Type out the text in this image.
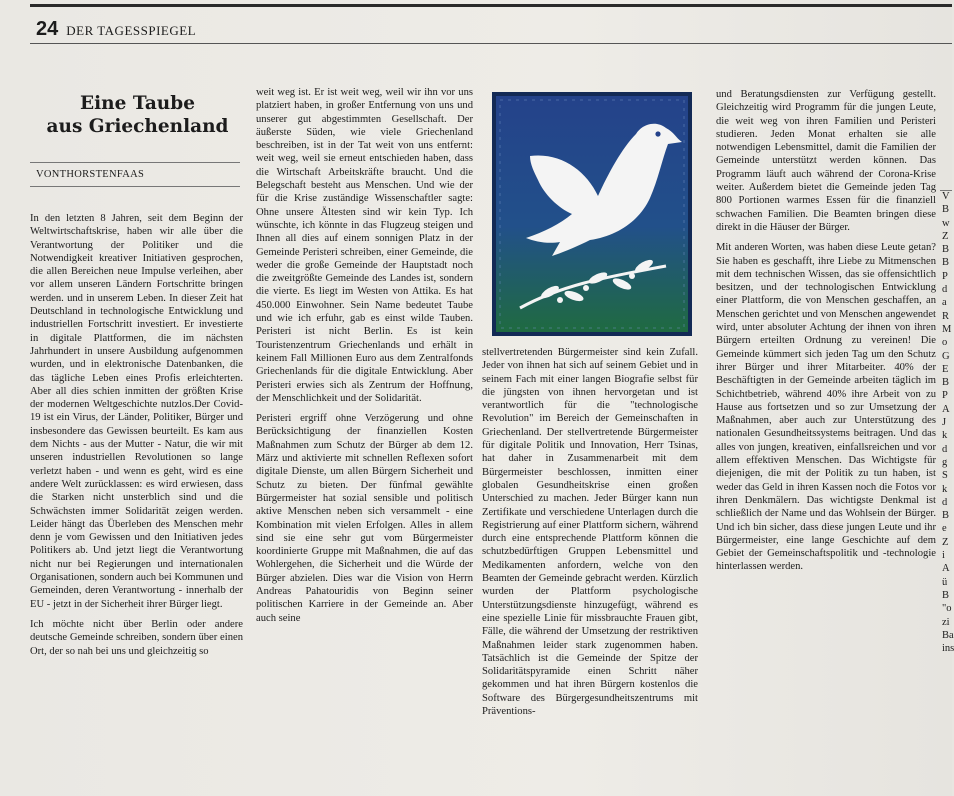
24 DER TAGESSPIEGEL
Eine Taube
aus Griechenland
VONTHORSTENFAAS

In den letzten 8 Jahren, seit dem Beginn der Weltwirtschaftskrise, haben wir alle über die Verantwortung der Politiker und die Notwendigkeit kreativer Initiativen gesprochen, die allen Bereichen neue Impulse verleihen, aber vor allem unseren Ländern Fortschritte bringen werden. und in unserem Leben. In dieser Zeit hat Deutschland in technologische Entwicklung und industriellen Fortschritt investiert. Er investierte in digitale Plattformen, die im nächsten Jahrhundert in unsere Ausbildung aufgenommen wurden, und in elektronische Datenbanken, die das tägliche Leben eines Profis erleichterten. Aber all dies schien inmitten der größten Krise der modernen Weltgeschichte nutzlos.Der Covid-19 ist ein Virus, der Länder, Politiker, Bürger und insbesondere das Gewissen beurteilt. Es kam aus dem Nichts - aus der Mutter - Natur, die wir mit unseren industriellen Revolutionen so lange verletzt haben - und wenn es geht, wird es eine andere Welt zurücklassen: es wird erwiesen, dass die Starken nicht unsterblich sind und die Schwächsten immer Solidarität zeigen werden. Leider hängt das Überleben des Menschen mehr denn je vom Gewissen und den Initiativen jedes Politikers ab. Und jetzt liegt die Verantwortung nicht nur bei Regierungen und internationalen Organisationen, sondern auch bei Kommunen und Gemeinden, deren Verantwortung - innerhalb der EU - jetzt in der Sicherheit ihrer Bürger liegt.

Ich möchte nicht über Berlin oder andere deutsche Gemeinde schreiben, sondern über einen Ort, der so nah bei uns und gleichzeitig so

weit weg ist. Er ist weit weg, weil wir ihn vor uns platziert haben, in großer Entfernung von uns und unserer gut abgestimmten Gesellschaft. Der äußerste Süden, wie viele Griechenland beschreiben, ist in der Tat weit von uns entfernt: weit weg, weil sie erneut entschieden haben, dass die Wirtschaft Arbeitskräfte braucht. Und die Belegschaft besteht aus Menschen. Und wie der für die Krise zuständige Wissenschaftler sagte: Ohne unsere Ältesten sind wir kein Typ. Ich wünschte, ich könnte in das Flugzeug steigen und Ihnen all dies auf einem sonnigen Platz in der Gemeinde Peristeri schreiben, einer Gemeinde, die weder die große Gemeinde der Hauptstadt noch die zweitgrößte Gemeinde des Landes ist, sondern die vierte. Es liegt im Westen von Attika. Es hat 450.000 Einwohner. Sein Name bedeutet Taube und wie ich erfuhr, gab es einst wilde Tauben. Peristeri ist nicht Berlin. Es ist kein Touristenzentrum Griechenlands und erhält in keinem Fall Millionen Euro aus dem Zentralfonds Griechenlands für die digitale Entwicklung. Aber Peristeri erwies sich als Zentrum der Hoffnung, der Menschlichkeit und der Solidarität.

Peristeri ergriff ohne Verzögerung und ohne Berücksichtigung der finanziellen Kosten Maßnahmen zum Schutz der Bürger ab dem 12. März und aktivierte mit schnellen Reflexen sofort digitale Dienste, um allen Bürgern Sicherheit und Schutz zu bieten. Der fünfmal gewählte Bürgermeister hat sozial sensible und politisch aktive Menschen neben sich versammelt - eine Kombination mit vielen Erfolgen. Alles in allem sind sie eine sehr gut vom Bürgermeister koordinierte Gruppe mit Maßnahmen, die auf das Wohlergehen, die Sicherheit und die Würde der Bürger abzielen. Dies war die Vision von Herrn Andreas Pahatouridis von Beginn seiner politischen Karriere in der Gemeinde an. Aber auch seine

stellvertretenden Bürgermeister sind kein Zufall. Jeder von ihnen hat sich auf seinem Gebiet und in seinem Fach mit einer langen Biografie selbst für die jüngsten von ihnen hervorgetan und ist verantwortlich für die "technologische Revolution" im Bereich der Gemeinschaften in Griechenland. Der stellvertretende Bürgermeister für digitale Politik und Innovation, Herr Tsinas, hat daher in Zusammenarbeit mit dem Bürgermeister beschlossen, inmitten einer globalen Gesundheitskrise einen großen Unterschied zu machen. Jeder Bürger kann nun Zertifikate und verschiedene Unterlagen durch die Registrierung auf einer Plattform sichern, während durch eine entsprechende Plattform können die schutzbedürftigen Gruppen Lebensmittel und Medikamenten anfordern, welche von den Beamten der Gemeinde gebracht werden. Kürzlich wurden der Plattform psychologische Unterstützungsdienste hinzugefügt, während es eine spezielle Linie für missbrauchte Frauen gibt, Fälle, die während der Umsetzung der restriktiven Maßnahmen leider stark zugenommen haben. Tatsächlich ist die Gemeinde der Spitze der Solidaritätspyramide einen Schritt näher gekommen und hat ihren Bürgern kostenlos die Software des Bürgergesundheitszentrums mit Präventions-

und Beratungsdiensten zur Verfügung gestellt. Gleichzeitig wird Programm für die jungen Leute, die weit weg von ihren Familien und Peristeri studieren. Jeden Monat erhalten sie alle notwendigen Lebensmittel, damit die Familien der Gemeinde unterstützt werden können. Das Programm läuft auch während der Corona-Krise weiter. Außerdem bietet die Gemeinde jeden Tag 800 Portionen warmes Essen für die finanziell schwachen Familien. Die Beamten bringen diese direkt in die Häuser der Bürger.

Mit anderen Worten, was haben diese Leute getan? Sie haben es geschafft, ihre Liebe zu Mitmenschen mit dem technischen Wissen, das sie offensichtlich besitzen, und der technologischen Entwicklung einer Plattform, die von Menschen geschaffen, an Menschen gerichtet und von Menschen angewendet wird, unter absoluter Achtung der ihnen von ihren Bürgern erteilten Ordnung zu vereinen! Die Gemeinde kümmert sich jeden Tag um den Schutz ihrer Bürger und ihrer Mitarbeiter. 40% der Beschäftigten in der Gemeinde arbeiten täglich im Schichtbetrieb, während 40% ihre Arbeit von zu Hause aus fortsetzen und so zur Umsetzung der Maßnahmen, aber auch zur Unterstützung des nationalen Gesundheitssystems beitragen. Und das alles von jungen, kreativen, einfallsreichen und vor allem effektiven Menschen. Das Wichtigste für diejenigen, die mit der Politik zu tun haben, ist weder das Geld in ihren Kassen noch die Fotos vor ihren Denkmälern. Das wichtigste Denkmal ist schließlich der Name und das Wohlsein der Bürger. Und ich bin sicher, dass diese jungen Leute und ihr Bürgermeister, eine lange Geschichte auf dem Gebiet der Gemeinschaftspolitik und -technologie hinterlassen werden.

V
B
w
Z
B
B
P
d
a
R
M
o
G
E
B
P
A
J
k
d
g
S
k
d
B
e
Z
i
A
ü
B
"o
zi
Ba
ins
